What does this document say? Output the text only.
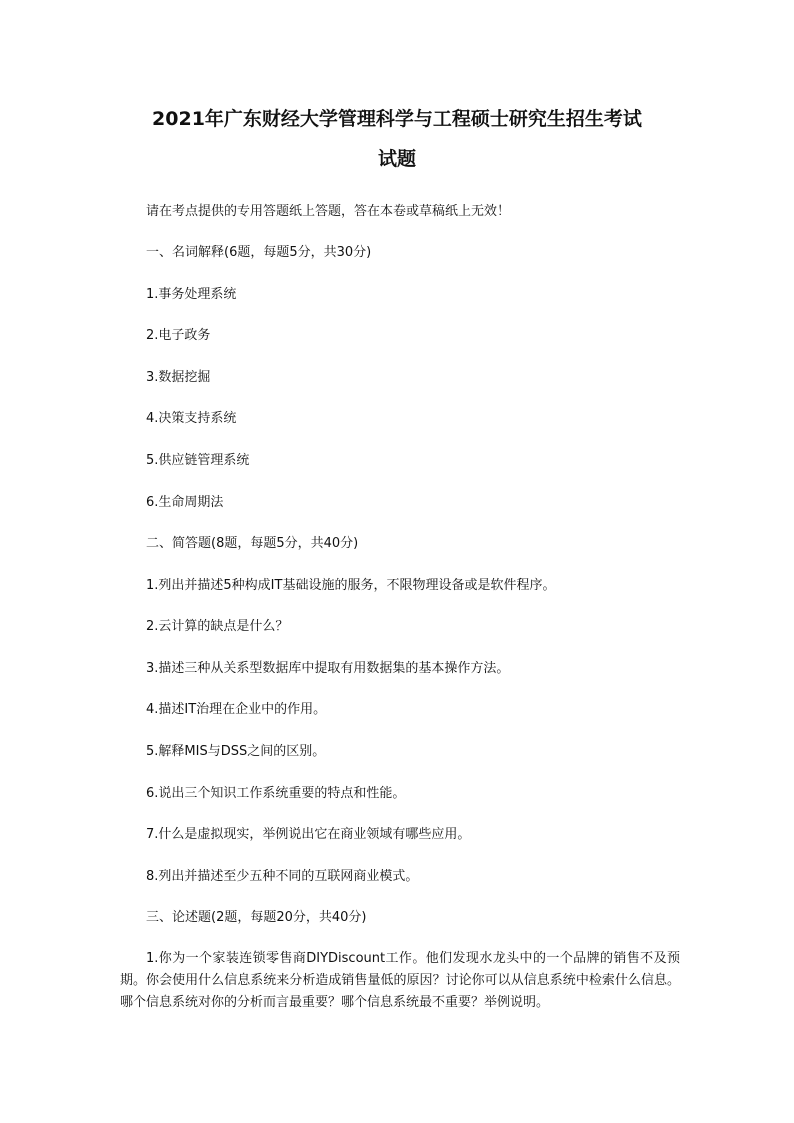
2021年广东财经大学管理科学与工程硕士研究生招生考试
试题

请在考点提供的专用答题纸上答题，答在本卷或草稿纸上无效！

一、名词解释(6题，每题5分，共30分)

1.事务处理系统

2.电子政务

3.数据挖掘

4.决策支持系统

5.供应链管理系统

6.生命周期法

二、简答题(8题，每题5分，共40分)

1.列出并描述5种构成IT基础设施的服务，不限物理设备或是软件程序。

2.云计算的缺点是什么？

3.描述三种从关系型数据库中提取有用数据集的基本操作方法。

4.描述IT治理在企业中的作用。

5.解释MIS与DSS之间的区别。

6.说出三个知识工作系统重要的特点和性能。

7.什么是虚拟现实，举例说出它在商业领域有哪些应用。

8.列出并描述至少五种不同的互联网商业模式。

三、论述题(2题，每题20分，共40分)

1.你为一个家装连锁零售商DIYDiscount工作。他们发现水龙头中的一个品牌的销售不及预期。你会使用什么信息系统来分析造成销售量低的原因？讨论你可以从信息系统中检索什么信息。哪个信息系统对你的分析而言最重要？哪个信息系统最不重要？举例说明。
